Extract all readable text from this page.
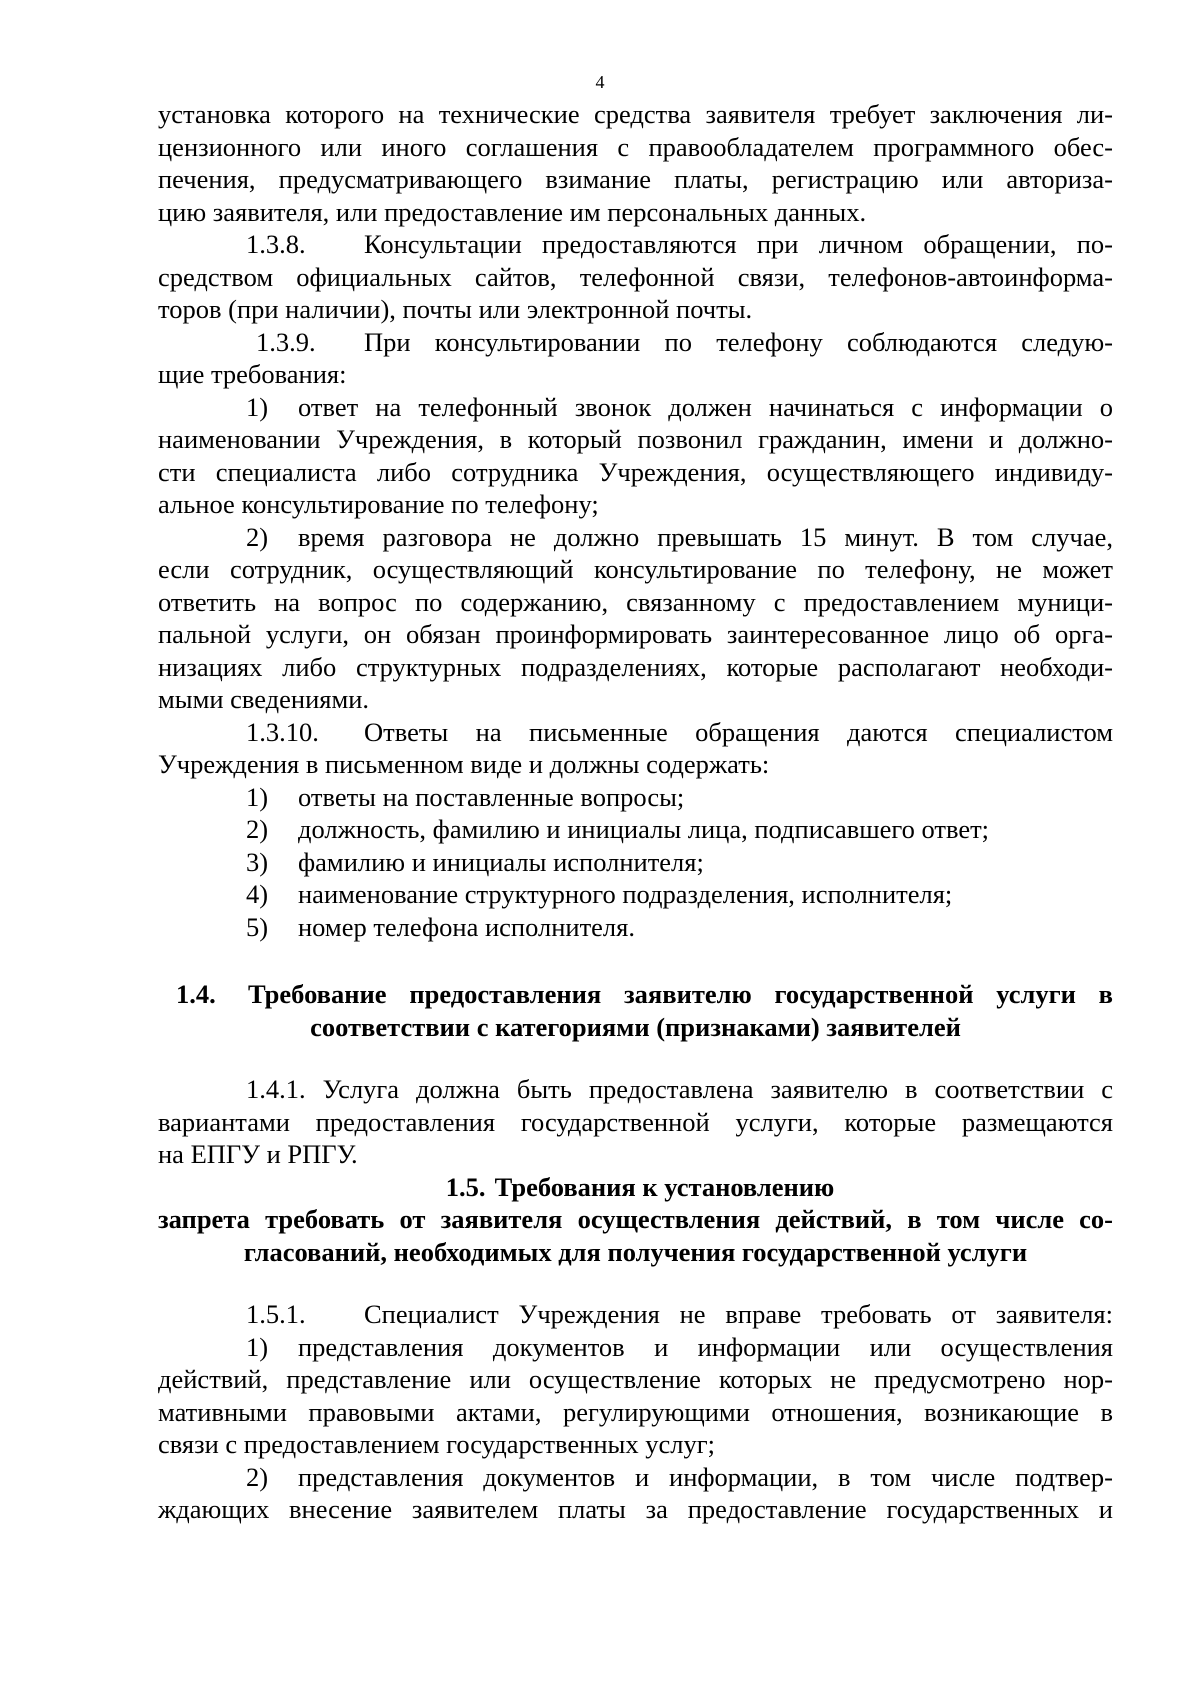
4
установка которого на технические средства заявителя требует заключения ли-
цензионного или иного соглашения с правообладателем программного обес-
печения, предусматривающего взимание платы, регистрацию или авториза-
цию заявителя, или предоставление им персональных данных.
1.3.8. Консультации предоставляются при личном обращении, по-
средством официальных сайтов, телефонной связи, телефонов-автоинформа-
торов (при наличии), почты или электронной почты.
1.3.9. При консультировании по телефону соблюдаются следую-
щие требования:
1) ответ на телефонный звонок должен начинаться с информации о
наименовании Учреждения, в который позвонил гражданин, имени и должно-
сти специалиста либо сотрудника Учреждения, осуществляющего индивиду-
альное консультирование по телефону;
2) время разговора не должно превышать 15 минут. В том случае,
если сотрудник, осуществляющий консультирование по телефону, не может
ответить на вопрос по содержанию, связанному с предоставлением муници-
пальной услуги, он обязан проинформировать заинтересованное лицо об орга-
низациях либо структурных подразделениях, которые располагают необходи-
мыми сведениями.
1.3.10. Ответы на письменные обращения даются специалистом
Учреждения в письменном виде и должны содержать:
1) ответы на поставленные вопросы;
2) должность, фамилию и инициалы лица, подписавшего ответ;
3) фамилию и инициалы исполнителя;
4) наименование структурного подразделения, исполнителя;
5) номер телефона исполнителя.
1.4. Требование предоставления заявителю государственной услуги в
соответствии с категориями (признаками) заявителей
1.4.1. Услуга должна быть предоставлена заявителю в соответствии с
вариантами предоставления государственной услуги, которые размещаются
на ЕПГУ и РПГУ.
1.5. Требования к установлению
запрета требовать от заявителя осуществления действий, в том числе со-
гласований, необходимых для получения государственной услуги
1.5.1. Специалист Учреждения не вправе требовать от заявителя:
1) представления документов и информации или осуществления
действий, представление или осуществление которых не предусмотрено нор-
мативными правовыми актами, регулирующими отношения, возникающие в
связи с предоставлением государственных услуг;
2) представления документов и информации, в том числе подтвер-
ждающих внесение заявителем платы за предоставление государственных и
